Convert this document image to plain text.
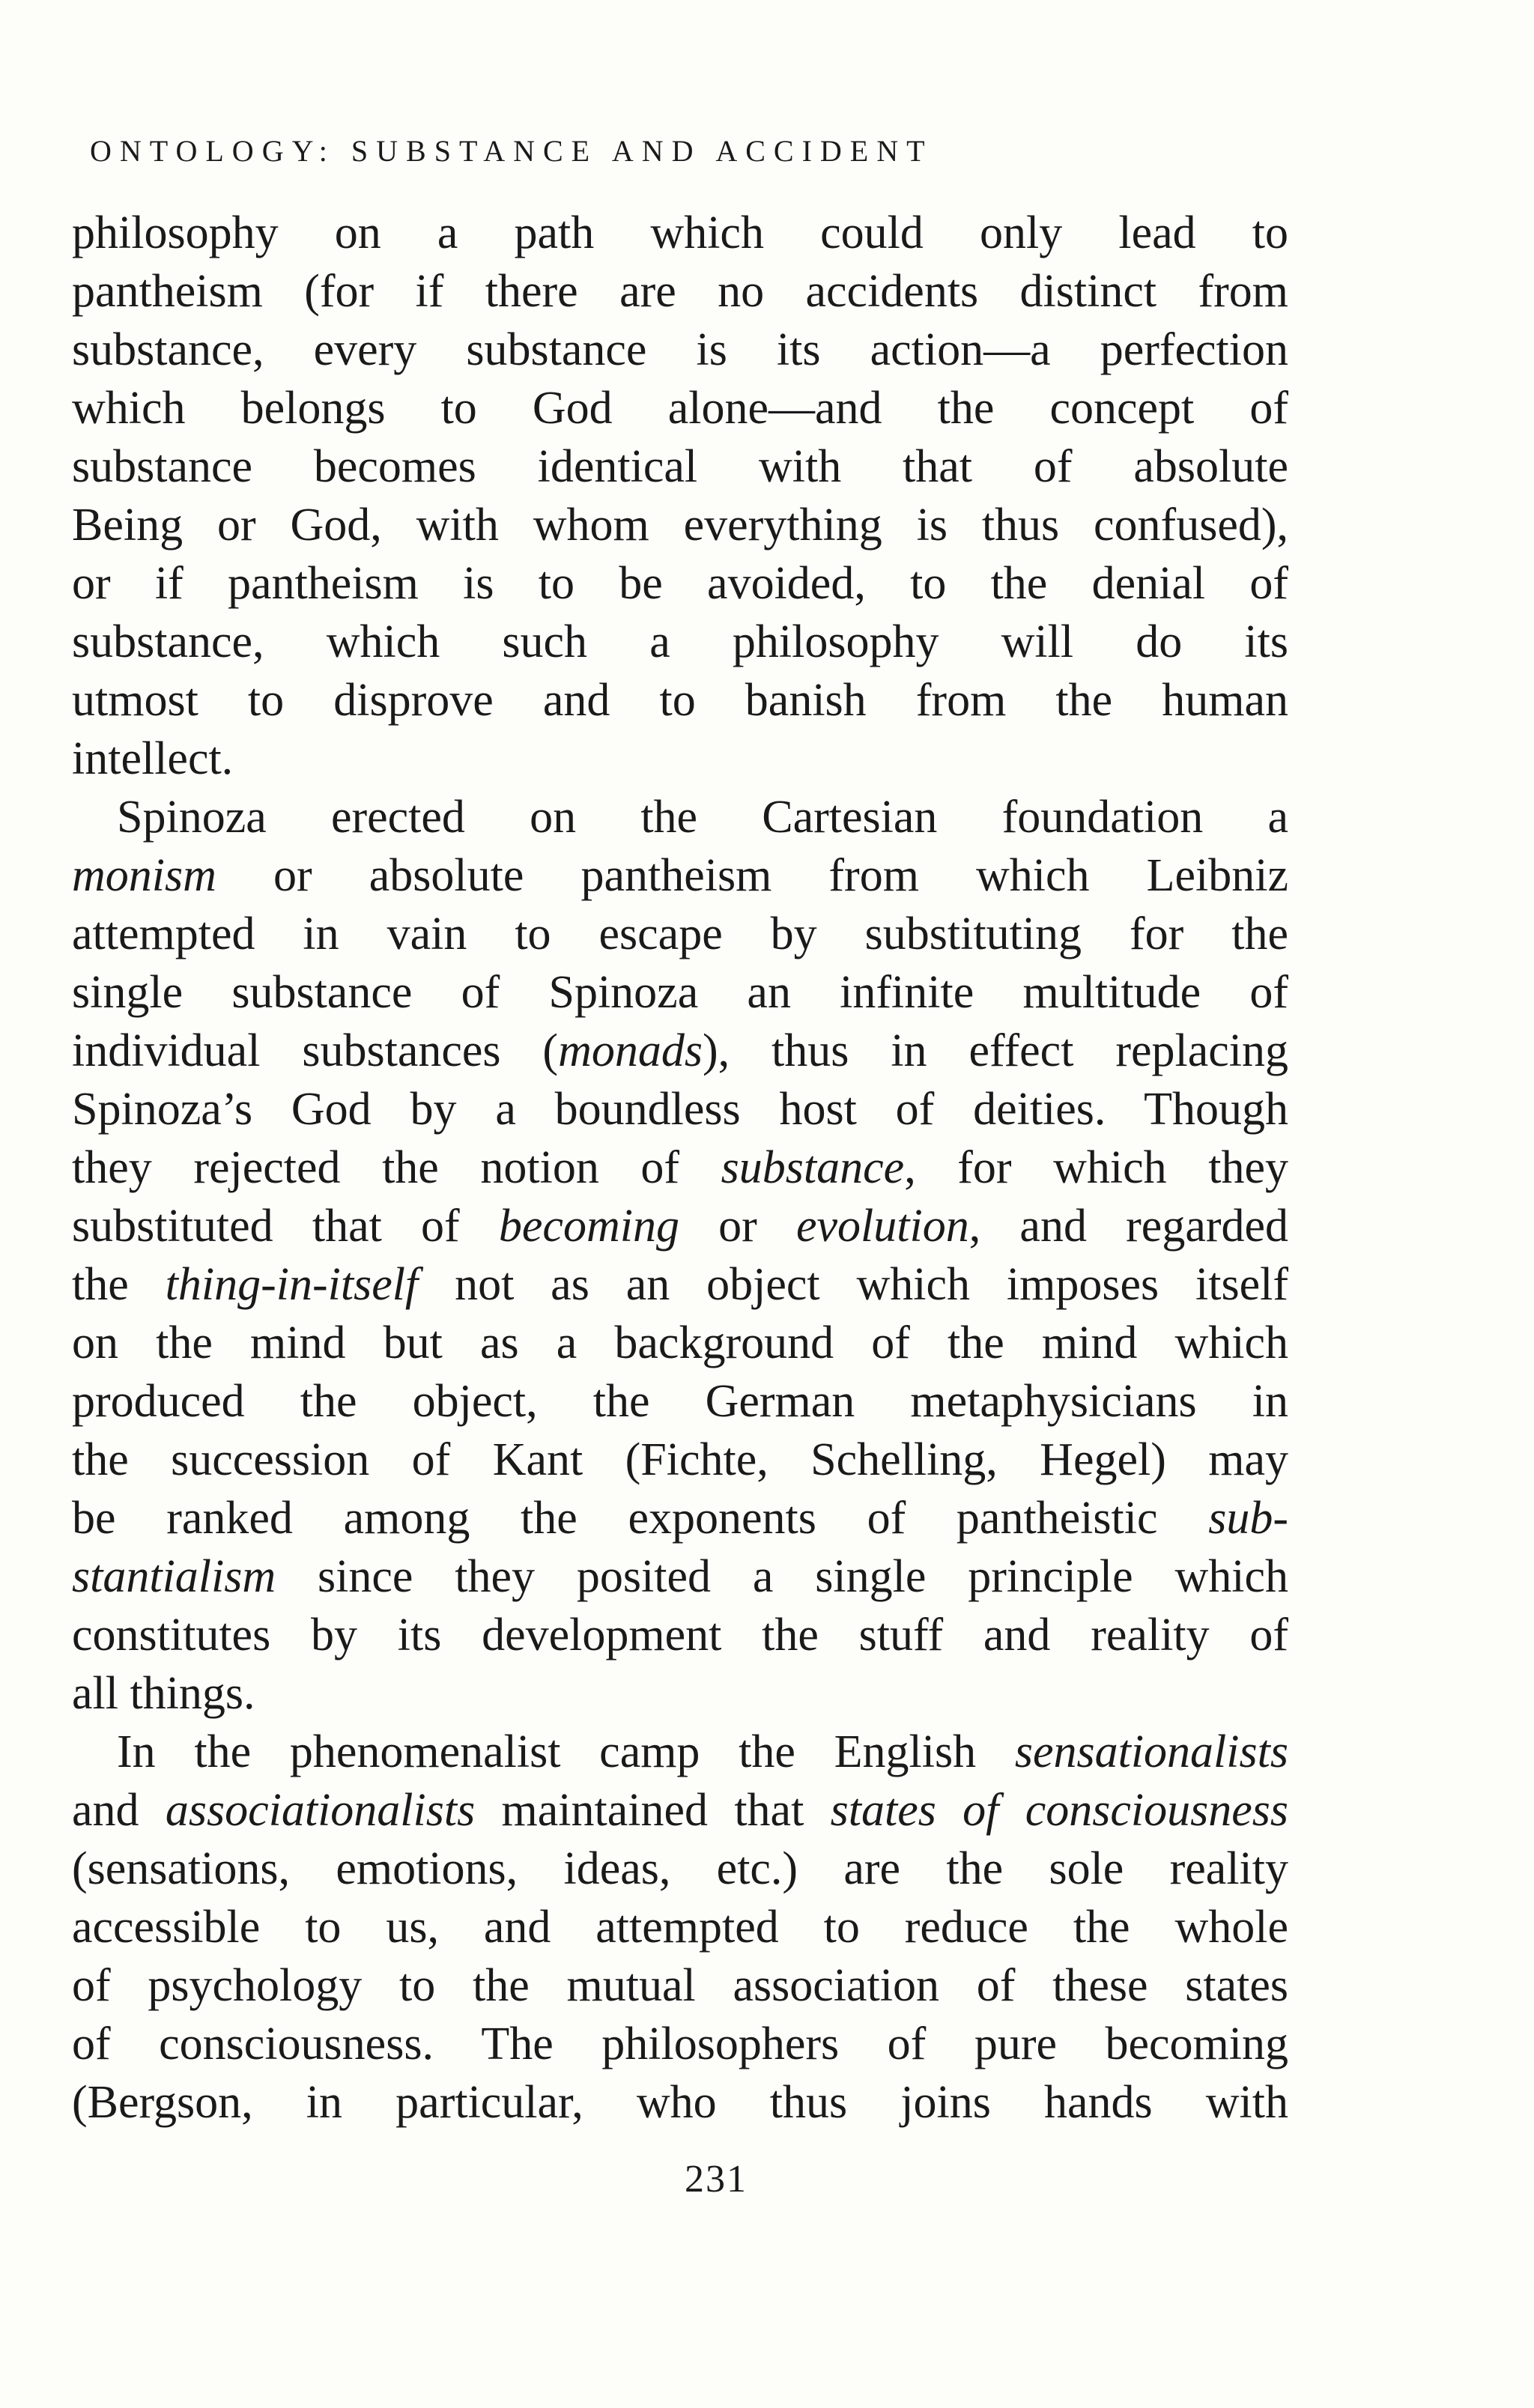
ONTOLOGY: SUBSTANCE AND ACCIDENT
philosophy on a path which could only lead to
pantheism (for if there are no accidents distinct from
substance, every substance is its action—a perfection
which belongs to God alone—and the concept of
substance becomes identical with that of absolute
Being or God, with whom everything is thus confused),
or if pantheism is to be avoided, to the denial of
substance, which such a philosophy will do its
utmost to disprove and to banish from the human
intellect.
Spinoza erected on the Cartesian foundation a
monism or absolute pantheism from which Leibniz
attempted in vain to escape by substituting for the
single substance of Spinoza an infinite multitude of
individual substances (monads), thus in effect replacing
Spinoza’s God by a boundless host of deities. Though
they rejected the notion of substance, for which they
substituted that of becoming or evolution, and regarded
the thing-in-itself not as an object which imposes itself
on the mind but as a background of the mind which
produced the object, the German metaphysicians in
the succession of Kant (Fichte, Schelling, Hegel) may
be ranked among the exponents of pantheistic sub-
stantialism since they posited a single principle which
constitutes by its development the stuff and reality of
all things.
In the phenomenalist camp the English sensationalists
and associationalists maintained that states of consciousness
(sensations, emotions, ideas, etc.) are the sole reality
accessible to us, and attempted to reduce the whole
of psychology to the mutual association of these states
of consciousness. The philosophers of pure becoming
(Bergson, in particular, who thus joins hands with
231
